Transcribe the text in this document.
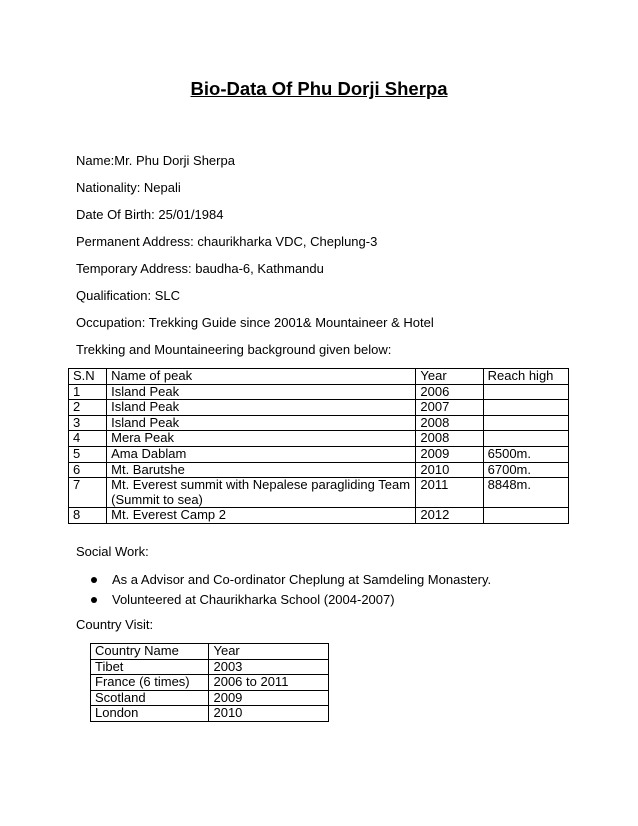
Bio-Data Of Phu Dorji Sherpa
Name:Mr. Phu Dorji Sherpa
Nationality: Nepali
Date Of Birth: 25/01/1984
Permanent Address: chaurikharka VDC, Cheplung-3
Temporary Address: baudha-6, Kathmandu
Qualification: SLC
Occupation: Trekking Guide since 2001& Mountaineer & Hotel
Trekking and Mountaineering background given below:
S.N	Name of peak	Year	Reach high
1	Island Peak	2006	
2	Island Peak	2007	
3	Island Peak	2008	
4	Mera Peak	2008	
5	Ama Dablam	2009	6500m.
6	Mt. Barutshe	2010	6700m.
7	Mt. Everest summit with Nepalese paragliding Team (Summit to sea)	2011	8848m.
8	Mt. Everest Camp 2	2012	
Social Work:
As a Advisor and Co-ordinator Cheplung at Samdeling Monastery.
Volunteered at Chaurikharka School (2004-2007)
Country Visit:
Country Name	Year
Tibet	2003
France (6 times)	2006 to 2011
Scotland	2009
London	2010
